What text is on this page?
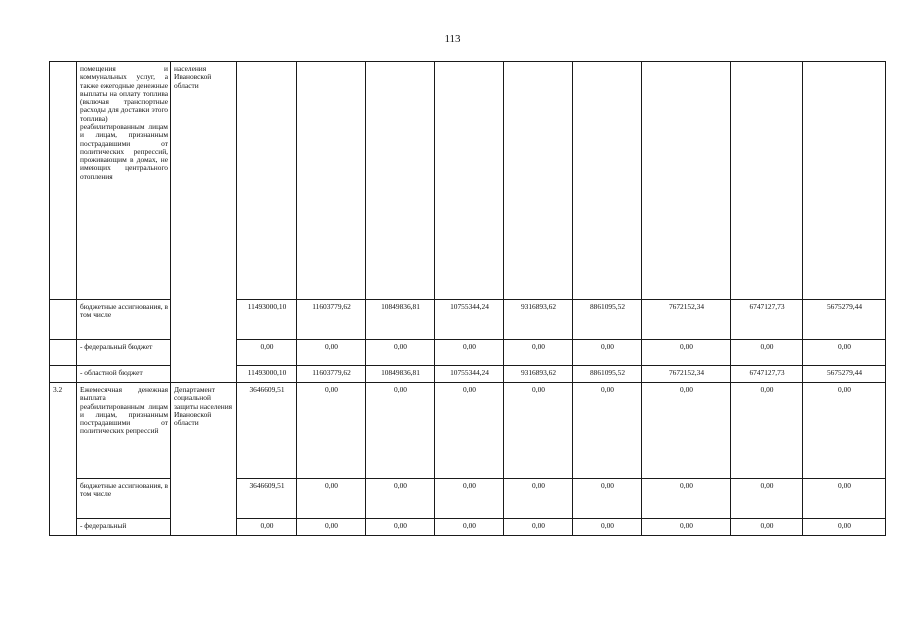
113
	помещения и коммунальных услуг, а также ежегодные денежные выплаты на оплату топлива (включая транспортные расходы для доставки этого топлива) реабилитированным лицам и лицам, признанным пострадавшими от политических репрессий, проживающим в домах, не имеющих центрального отопления	населения Ивановской области									
	бюджетные ассигнования, в том числе		11493000,10	11603779,62	10849836,81	10755344,24	9316893,62	8861095,52	7672152,34	6747127,73	5675279,44
	- федеральный бюджет		0,00	0,00	0,00	0,00	0,00	0,00	0,00	0,00	0,00
	- областной бюджет		11493000,10	11603779,62	10849836,81	10755344,24	9316893,62	8861095,52	7672152,34	6747127,73	5675279,44
3.2	Ежемесячная денежная выплата реабилитированным лицам и лицам, признанным пострадавшими от политических репрессий	Департамент социальной защиты населения Ивановской области	3646609,51	0,00	0,00	0,00	0,00	0,00	0,00	0,00	0,00
	бюджетные ассигнования, в том числе		3646609,51	0,00	0,00	0,00	0,00	0,00	0,00	0,00	0,00
	- федеральный		0,00	0,00	0,00	0,00	0,00	0,00	0,00	0,00	0,00
